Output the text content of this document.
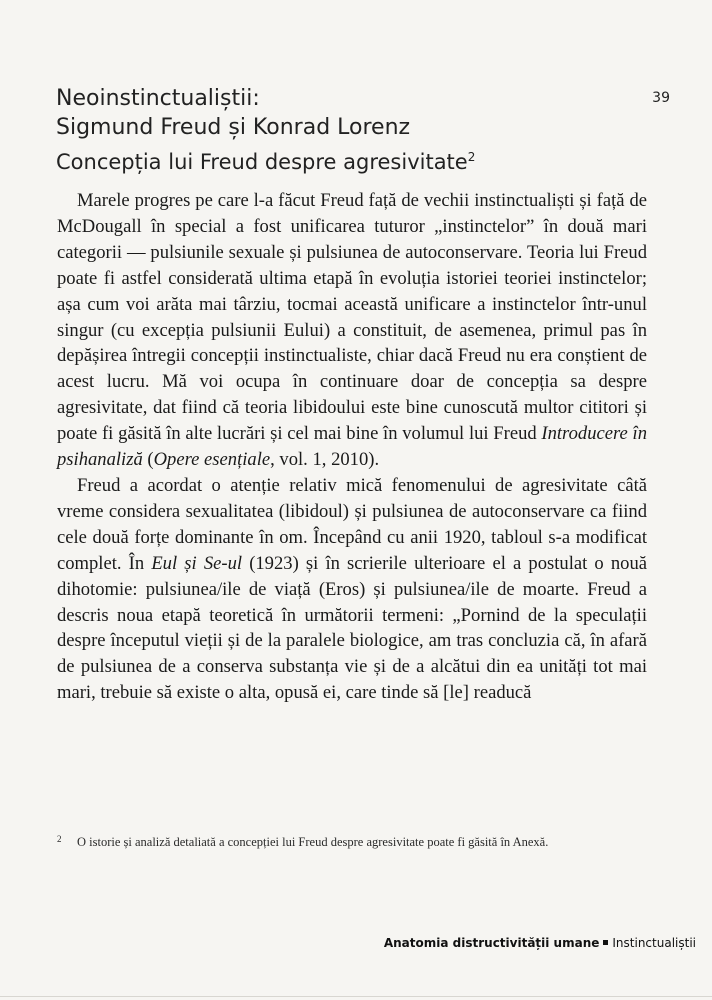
Neoinstinctualiștii:
Sigmund Freud și Konrad Lorenz
39
Concepția lui Freud despre agresivitate$^2$

Marele progres pe care l-a făcut Freud față de vechii instinctualiști și față de McDougall în special a fost unificarea tuturor „instinctelor” în două mari categorii — pulsiunile sexuale și pulsiunea de autoconservare. Teoria lui Freud poate fi astfel considerată ultima etapă în evoluția istoriei teoriei instinctelor; așa cum voi arăta mai târziu, tocmai această unificare a instinctelor într-unul singur (cu excepția pulsiunii Eului) a constituit, de asemenea, primul pas în depășirea întregii concepții instinctualiste, chiar dacă Freud nu era conștient de acest lucru. Mă voi ocupa în continuare doar de concepția sa despre agresivitate, dat fiind că teoria libidoului este bine cunoscută multor cititori și poate fi găsită în alte lucrări și cel mai bine în volumul lui Freud Introducere în psihanaliză (Opere esențiale, vol. 1, 2010).

Freud a acordat o atenție relativ mică fenomenului de agresivitate câtă vreme considera sexualitatea (libidoul) și pulsiunea de autoconservare ca fiind cele două forțe dominante în om. Începând cu anii 1920, tabloul s-a modificat complet. În Eul și Se-ul (1923) și în scrierile ulterioare el a postulat o nouă dihotomie: pulsiunea/ile de viață (Eros) și pulsiunea/ile de moarte. Freud a descris noua etapă teoretică în următorii termeni: „Pornind de la speculații despre începutul vieții și de la paralele biologice, am tras concluzia că, în afară de pulsiunea de a conserva substanța vie și de a alcătui din ea unități tot mai mari, trebuie să existe o alta, opusă ei, care tinde să [le] readucă

2	O istorie și analiză detaliată a concepției lui Freud despre agresivitate poate fi găsită în Anexă.
Anatomia distructivității umane Instinctualiștii
